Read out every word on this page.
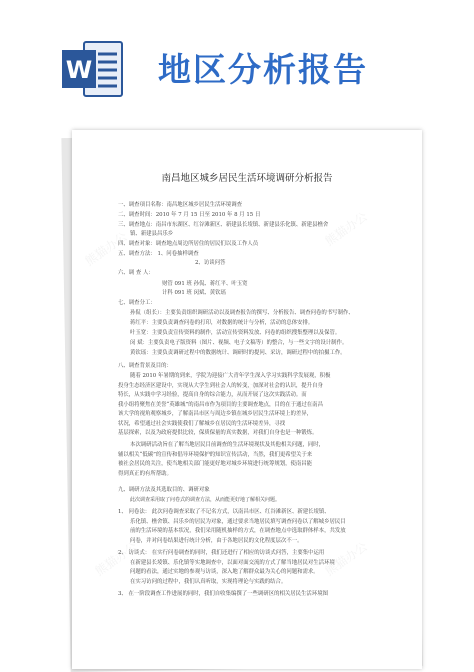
W 地区分析报告
南昌地区城乡居民生活环境调研分析报告
一、调查项目名称：南昌地区城乡居民生活环境调查
二、调查时间：2010 年 7 月 15 日至 2010 年 8 月 15 日
三、调查地点：南昌市东湖区、红谷滩新区、新建县长堎镇、新建县乐化镇、新建县樵舍
镇、新建县昌乐乡
四、调查对象：调查地点周边所居住的居民们以及工作人员
五、调查方法： 1、问卷抽样调查
2、访谈问答
六、调 查 人：
财管 091 班 孙侃、蒋红平、叶玉宽
计科 091 班 闵斌、黄钦瑶
七、调查分工：
孙侃（组长）：主要负责组织调研活动以及调查报告的撰写、分析报告、调查问卷的书写制作、
蒋红平：主要负责调查问卷的打印，对数据的统计与分析，活动的总体安排。
叶玉宽：主要负责宣传资料的制作，活动宣传资料发放、问卷的组织搜集整理以及保管。
闵 斌：主要负责电子版资料（图片、视频、电子文稿等）的整合，与一些文字的设计制作。
黄钦瑶：主要负责调研过程中的数据统计、调研时的提问、采访，调研过程中的拍摄工作。
八、调查背景及目的：
随着 2010 年暑期的到来，学院为迎接广大青年学生深入学习实践科学发展观，积极
投身生态经济区建设中，实现从大学生到社会人的转变，加深对社会的认识，提升自身
特长，从实践中学习经验，提高自身的综合能力，从而开展了这次实践活动。而
我小组将聚焦在美誉“英雄城”的南昌市作为项目的主要调查地点，目的在于通过在南昌
该大学的视角观察城乡，了解南昌市区与周边乡镇在城乡居民生活环境上的差异，
状况，希望通过社会实践使我们了解城乡在居民的生活环境差异，寻找
基层探索，以及为政府提供比较，保质保量的真实数据，对我们自身也是一种锻炼。
本次调研活动旨在了解当地居民目前调查的生活环境现状及其他相关问题，同时，
辅以相关“低碳”的宣传和倡导环境保护的知识宣传活动，当然，我们更希望关于来
被社会居民的关注，使当地相关部门能更好地对城乡环境进行统筹规划，使南昌能
得到真正的有所帮助。
九、调研方法及其选取目的、调研对象
此次调查采用取了问卷式的调查方法，从而能更好地了解相关问题。
1、 问卷法： 此次问卷调查采取了不记名方式，以南昌市区、红谷滩新区、新建长堎镇、
乐化镇、樵舍镇、昌乐乡的居民为对象，通过要求当地居民填写调查问卷以了解城乡居民目
前的生活环境的基本状况，我们采用随机抽样的方式，在调查地点中选取群体样本，共发放
问卷，并对问卷结果进行统计分析，由于各地居民的文化程度层次不一。
2、 访谈式： 在实行问卷调查的同时，我们还进行了相应的访谈式问答，主要集中运用
在新建县长堎镇、乐化镇等实地调查中，以面对面交流的方式了解当地居民对生活环境
问题的看法，通过实地的参观与访谈，深入地了解群众最为关心的问题和需求。
在实习访问的过程中，我们认真听取，实现将理论与实践的结合。
3、 在一阶段调查工作进展的同时，我们自收集编撰了一些调研区的相关居民生活环境图
熊猫办公
熊猫办公
熊猫办公
熊猫办公	熊猫办公
